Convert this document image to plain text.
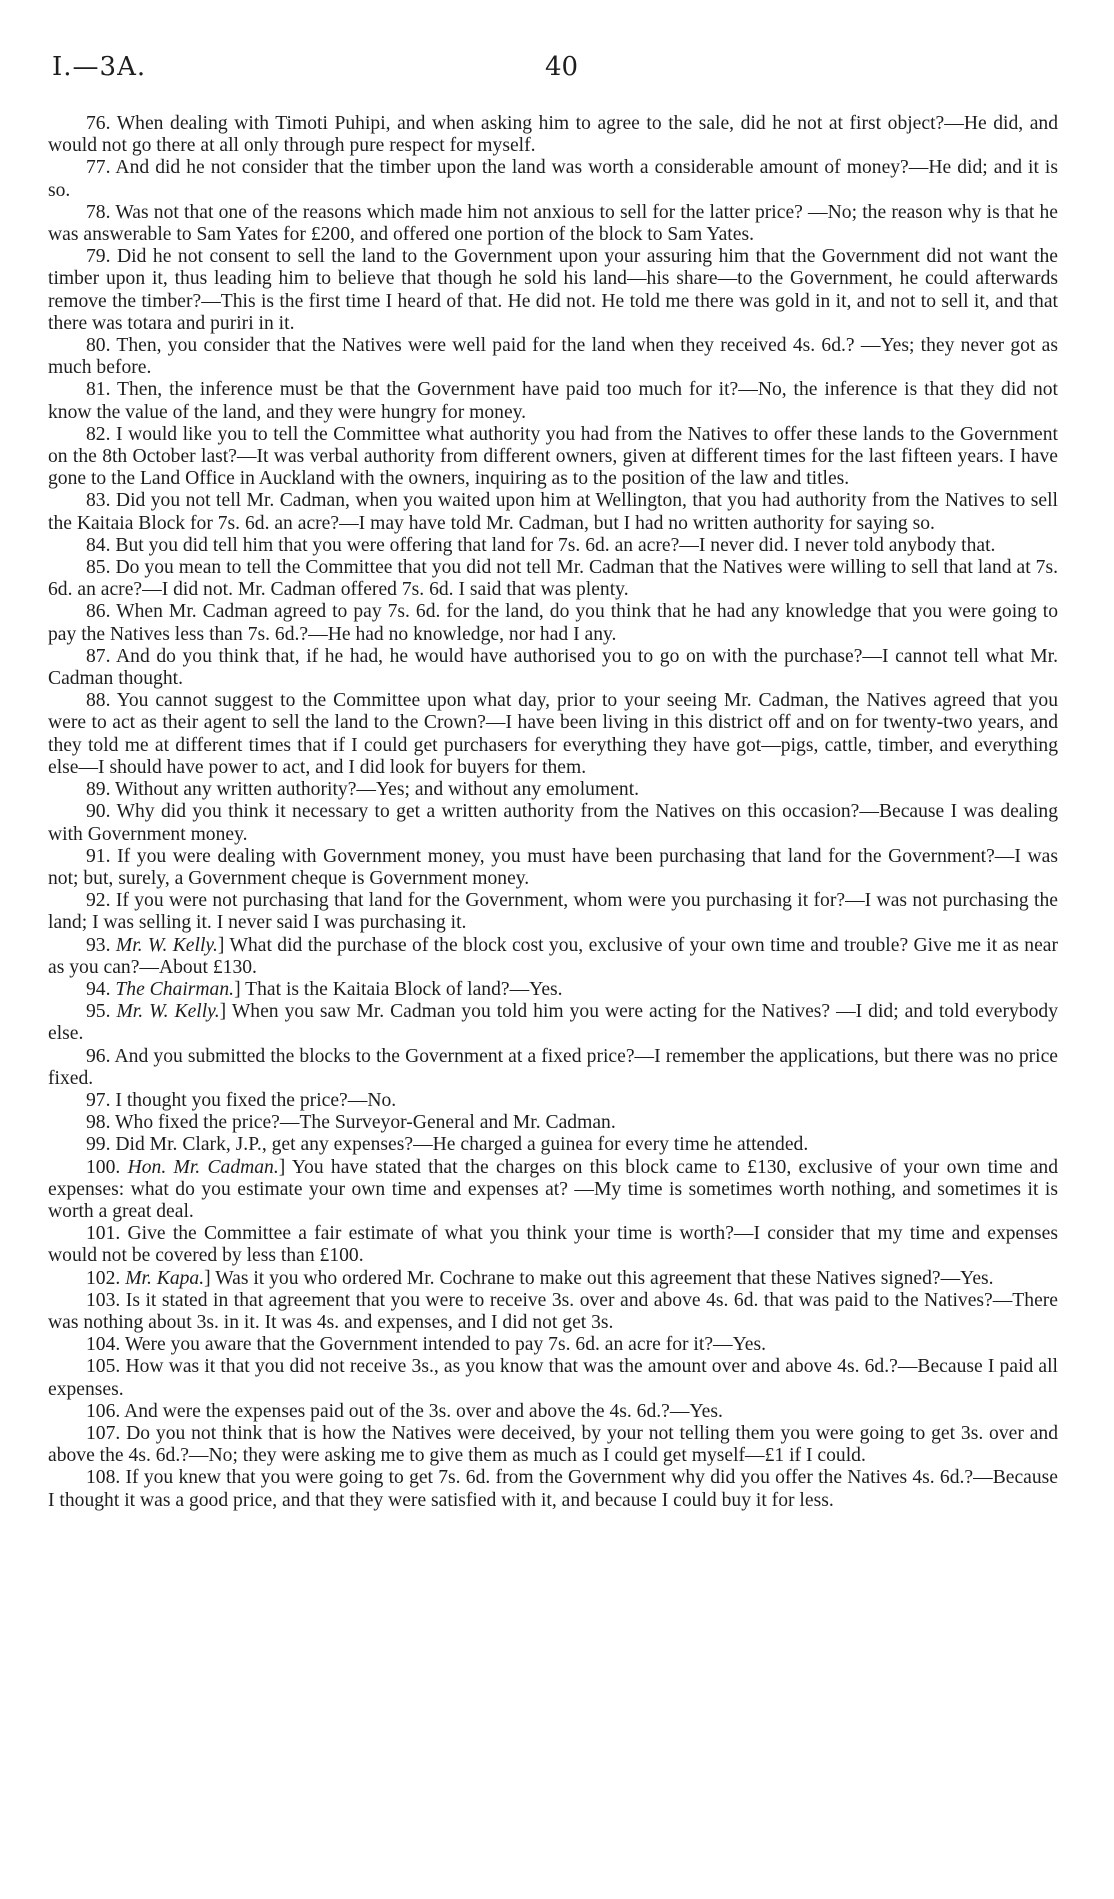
I.—3A.	40

76. When dealing with Timoti Puhipi, and when asking him to agree to the sale, did he not at first object?—He did, and would not go there at all only through pure respect for myself.

77. And did he not consider that the timber upon the land was worth a considerable amount of money?—He did; and it is so.

78. Was not that one of the reasons which made him not anxious to sell for the latter price? —No; the reason why is that he was answerable to Sam Yates for £200, and offered one portion of the block to Sam Yates.

79. Did he not consent to sell the land to the Government upon your assuring him that the Government did not want the timber upon it, thus leading him to believe that though he sold his land—his share—to the Government, he could afterwards remove the timber?—This is the first time I heard of that. He did not. He told me there was gold in it, and not to sell it, and that there was totara and puriri in it.

80. Then, you consider that the Natives were well paid for the land when they received 4s. 6d.? —Yes; they never got as much before.

81. Then, the inference must be that the Government have paid too much for it?—No, the inference is that they did not know the value of the land, and they were hungry for money.

82. I would like you to tell the Committee what authority you had from the Natives to offer these lands to the Government on the 8th October last?—It was verbal authority from different owners, given at different times for the last fifteen years. I have gone to the Land Office in Auckland with the owners, inquiring as to the position of the law and titles.

83. Did you not tell Mr. Cadman, when you waited upon him at Wellington, that you had authority from the Natives to sell the Kaitaia Block for 7s. 6d. an acre?—I may have told Mr. Cadman, but I had no written authority for saying so.

84. But you did tell him that you were offering that land for 7s. 6d. an acre?—I never did. I never told anybody that.

85. Do you mean to tell the Committee that you did not tell Mr. Cadman that the Natives were willing to sell that land at 7s. 6d. an acre?—I did not. Mr. Cadman offered 7s. 6d. I said that was plenty.

86. When Mr. Cadman agreed to pay 7s. 6d. for the land, do you think that he had any knowledge that you were going to pay the Natives less than 7s. 6d.?—He had no knowledge, nor had I any.

87. And do you think that, if he had, he would have authorised you to go on with the purchase?—I cannot tell what Mr. Cadman thought.

88. You cannot suggest to the Committee upon what day, prior to your seeing Mr. Cadman, the Natives agreed that you were to act as their agent to sell the land to the Crown?—I have been living in this district off and on for twenty-two years, and they told me at different times that if I could get purchasers for everything they have got—pigs, cattle, timber, and everything else—I should have power to act, and I did look for buyers for them.

89. Without any written authority?—Yes; and without any emolument.

90. Why did you think it necessary to get a written authority from the Natives on this occasion?—Because I was dealing with Government money.

91. If you were dealing with Government money, you must have been purchasing that land for the Government?—I was not; but, surely, a Government cheque is Government money.

92. If you were not purchasing that land for the Government, whom were you purchasing it for?—I was not purchasing the land; I was selling it. I never said I was purchasing it.

93. Mr. W. Kelly.] What did the purchase of the block cost you, exclusive of your own time and trouble? Give me it as near as you can?—About £130.

94. The Chairman.] That is the Kaitaia Block of land?—Yes.

95. Mr. W. Kelly.] When you saw Mr. Cadman you told him you were acting for the Natives? —I did; and told everybody else.

96. And you submitted the blocks to the Government at a fixed price?—I remember the applications, but there was no price fixed.

97. I thought you fixed the price?—No.

98. Who fixed the price?—The Surveyor-General and Mr. Cadman.

99. Did Mr. Clark, J.P., get any expenses?—He charged a guinea for every time he attended.

100. Hon. Mr. Cadman.] You have stated that the charges on this block came to £130, exclusive of your own time and expenses: what do you estimate your own time and expenses at? —My time is sometimes worth nothing, and sometimes it is worth a great deal.

101. Give the Committee a fair estimate of what you think your time is worth?—I consider that my time and expenses would not be covered by less than £100.

102. Mr. Kapa.] Was it you who ordered Mr. Cochrane to make out this agreement that these Natives signed?—Yes.

103. Is it stated in that agreement that you were to receive 3s. over and above 4s. 6d. that was paid to the Natives?—There was nothing about 3s. in it. It was 4s. and expenses, and I did not get 3s.

104. Were you aware that the Government intended to pay 7s. 6d. an acre for it?—Yes.

105. How was it that you did not receive 3s., as you know that was the amount over and above 4s. 6d.?—Because I paid all expenses.

106. And were the expenses paid out of the 3s. over and above the 4s. 6d.?—Yes.

107. Do you not think that is how the Natives were deceived, by your not telling them you were going to get 3s. over and above the 4s. 6d.?—No; they were asking me to give them as much as I could get myself—£1 if I could.

108. If you knew that you were going to get 7s. 6d. from the Government why did you offer the Natives 4s. 6d.?—Because I thought it was a good price, and that they were satisfied with it, and because I could buy it for less.
